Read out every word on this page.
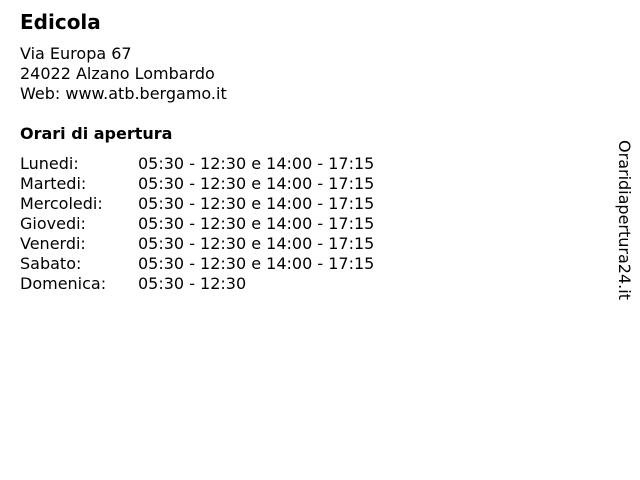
Edicola
Via Europa 67
24022 Alzano Lombardo
Web: www.atb.bergamo.it
Orari di apertura
Lunedi:	05:30 - 12:30 e 14:00 - 17:15
Martedi:	05:30 - 12:30 e 14:00 - 17:15
Mercoledi: 05:30 - 12:30 e 14:00 - 17:15
Giovedi:	05:30 - 12:30 e 14:00 - 17:15
Venerdi:	05:30 - 12:30 e 14:00 - 17:15
Sabato:	05:30 - 12:30 e 14:00 - 17:15
Domenica: 05:30 - 12:30	Oraridiapertura24.it
